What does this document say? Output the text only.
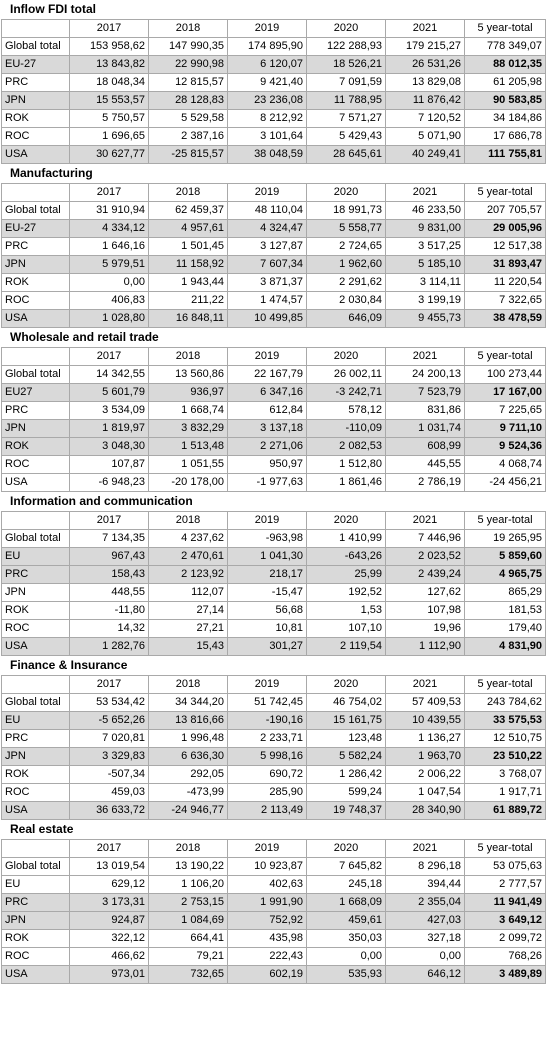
Inflow FDI total
	2017	2018	2019	2020	2021	5 year-total
Global total	153 958,62	147 990,35	174 895,90	122 288,93	179 215,27	778 349,07
EU-27	13 843,82	22 990,98	6 120,07	18 526,21	26 531,26	88 012,35
PRC	18 048,34	12 815,57	9 421,40	7 091,59	13 829,08	61 205,98
JPN	15 553,57	28 128,83	23 236,08	11 788,95	11 876,42	90 583,85
ROK	5 750,57	5 529,58	8 212,92	7 571,27	7 120,52	34 184,86
ROC	1 696,65	2 387,16	3 101,64	5 429,43	5 071,90	17 686,78
USA	30 627,77	-25 815,57	38 048,59	28 645,61	40 249,41	111 755,81
Manufacturing
	2017	2018	2019	2020	2021	5 year-total
Global total	31 910,94	62 459,37	48 110,04	18 991,73	46 233,50	207 705,57
EU-27	4 334,12	4 957,61	4 324,47	5 558,77	9 831,00	29 005,96
PRC	1 646,16	1 501,45	3 127,87	2 724,65	3 517,25	12 517,38
JPN	5 979,51	11 158,92	7 607,34	1 962,60	5 185,10	31 893,47
ROK	0,00	1 943,44	3 871,37	2 291,62	3 114,11	11 220,54
ROC	406,83	211,22	1 474,57	2 030,84	3 199,19	7 322,65
USA	1 028,80	16 848,11	10 499,85	646,09	9 455,73	38 478,59
Wholesale and retail trade
	2017	2018	2019	2020	2021	5 year-total
Global total	14 342,55	13 560,86	22 167,79	26 002,11	24 200,13	100 273,44
EU27	5 601,79	936,97	6 347,16	-3 242,71	7 523,79	17 167,00
PRC	3 534,09	1 668,74	612,84	578,12	831,86	7 225,65
JPN	1 819,97	3 832,29	3 137,18	-110,09	1 031,74	9 711,10
ROK	3 048,30	1 513,48	2 271,06	2 082,53	608,99	9 524,36
ROC	107,87	1 051,55	950,97	1 512,80	445,55	4 068,74
USA	-6 948,23	-20 178,00	-1 977,63	1 861,46	2 786,19	-24 456,21
Information and communication
	2017	2018	2019	2020	2021	5 year-total
Global total	7 134,35	4 237,62	-963,98	1 410,99	7 446,96	19 265,95
EU	967,43	2 470,61	1 041,30	-643,26	2 023,52	5 859,60
PRC	158,43	2 123,92	218,17	25,99	2 439,24	4 965,75
JPN	448,55	112,07	-15,47	192,52	127,62	865,29
ROK	-11,80	27,14	56,68	1,53	107,98	181,53
ROC	14,32	27,21	10,81	107,10	19,96	179,40
USA	1 282,76	15,43	301,27	2 119,54	1 112,90	4 831,90
Finance & Insurance
	2017	2018	2019	2020	2021	5 year-total
Global total	53 534,42	34 344,20	51 742,45	46 754,02	57 409,53	243 784,62
EU	-5 652,26	13 816,66	-190,16	15 161,75	10 439,55	33 575,53
PRC	7 020,81	1 996,48	2 233,71	123,48	1 136,27	12 510,75
JPN	3 329,83	6 636,30	5 998,16	5 582,24	1 963,70	23 510,22
ROK	-507,34	292,05	690,72	1 286,42	2 006,22	3 768,07
ROC	459,03	-473,99	285,90	599,24	1 047,54	1 917,71
USA	36 633,72	-24 946,77	2 113,49	19 748,37	28 340,90	61 889,72
Real estate
	2017	2018	2019	2020	2021	5 year-total
Global total	13 019,54	13 190,22	10 923,87	7 645,82	8 296,18	53 075,63
EU	629,12	1 106,20	402,63	245,18	394,44	2 777,57
PRC	3 173,31	2 753,15	1 991,90	1 668,09	2 355,04	11 941,49
JPN	924,87	1 084,69	752,92	459,61	427,03	3 649,12
ROK	322,12	664,41	435,98	350,03	327,18	2 099,72
ROC	466,62	79,21	222,43	0,00	0,00	768,26
USA	973,01	732,65	602,19	535,93	646,12	3 489,89
